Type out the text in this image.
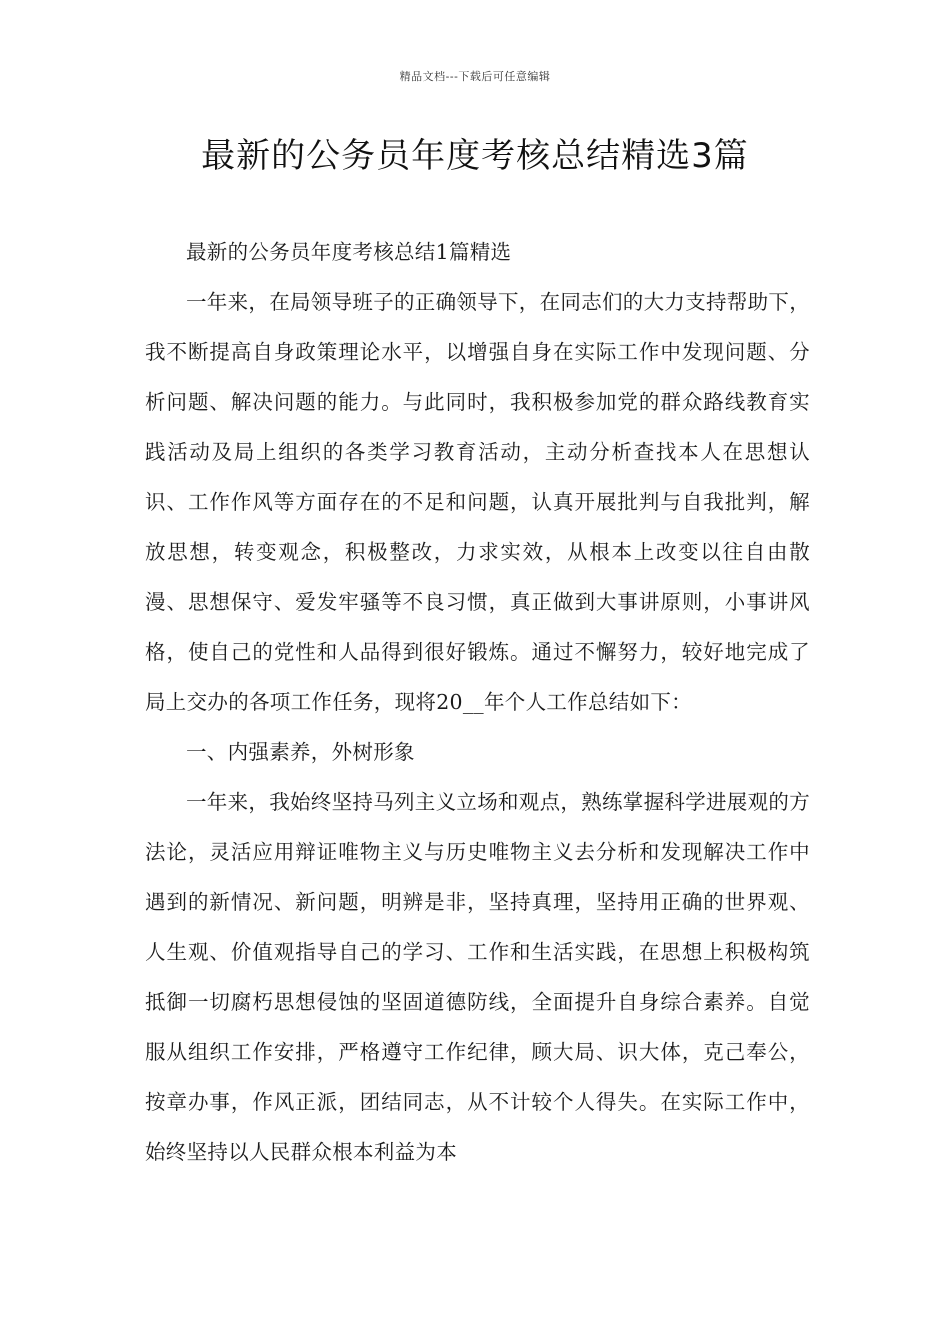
精品文档---下载后可任意编辑
最新的公务员年度考核总结精选3篇

最新的公务员年度考核总结1篇精选

一年来，在局领导班子的正确领导下，在同志们的大力支持帮助下，我不断提高自身政策理论水平，以增强自身在实际工作中发现问题、分析问题、解决问题的能力。与此同时，我积极参加党的群众路线教育实践活动及局上组织的各类学习教育活动，主动分析查找本人在思想认识、工作作风等方面存在的不足和问题，认真开展批判与自我批判，解放思想，转变观念，积极整改，力求实效，从根本上改变以往自由散漫、思想保守、爱发牢骚等不良习惯，真正做到大事讲原则，小事讲风格，使自己的党性和人品得到很好锻炼。通过不懈努力，较好地完成了局上交办的各项工作任务，现将20__年个人工作总结如下：

一、内强素养，外树形象

一年来，我始终坚持马列主义立场和观点，熟练掌握科学进展观的方法论，灵活应用辩证唯物主义与历史唯物主义去分析和发现解决工作中遇到的新情况、新问题，明辨是非，坚持真理，坚持用正确的世界观、人生观、价值观指导自己的学习、工作和生活实践，在思想上积极构筑抵御一切腐朽思想侵蚀的坚固道德防线，全面提升自身综合素养。自觉服从组织工作安排，严格遵守工作纪律，顾大局、识大体，克己奉公，按章办事，作风正派，团结同志，从不计较个人得失。在实际工作中，始终坚持以人民群众根本利益为本
